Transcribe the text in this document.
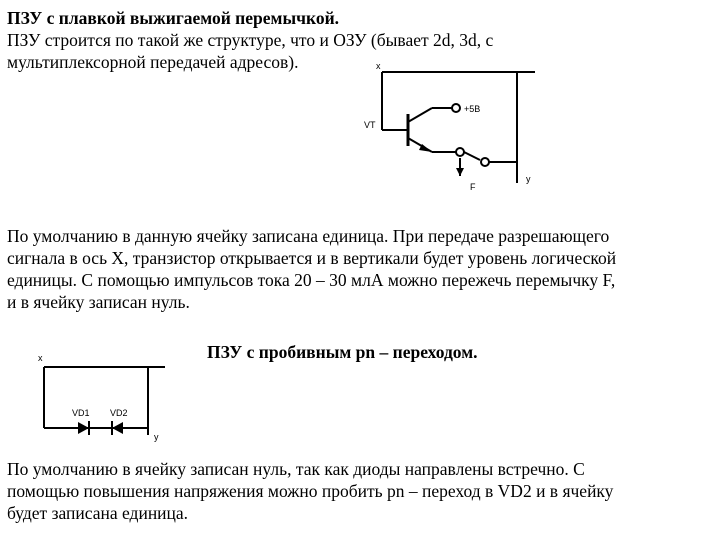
ПЗУ с плавкой выжигаемой перемычкой.
ПЗУ строится по такой же структуре, что и ОЗУ (бывает 2d, 3d, с
мультиплексорной передачей адресов).	x
VT
+5В
F
y
По умолчанию в данную ячейку записана единица. При передаче разрешающего
сигнала в ось X, транзистор открывается и в вертикали будет уровень логической
единицы. С помощью импульсов тока 20 – 30 млА можно пережечь перемычку F,
и в ячейку записан нуль.
ПЗУ с пробивным pn – переходом.
x
VD1 VD2
y
По умолчанию в ячейку записан нуль, так как диоды направлены встречно. С
помощью повышения напряжения можно пробить pn – переход в VD2 и в ячейку
будет записана единица.
